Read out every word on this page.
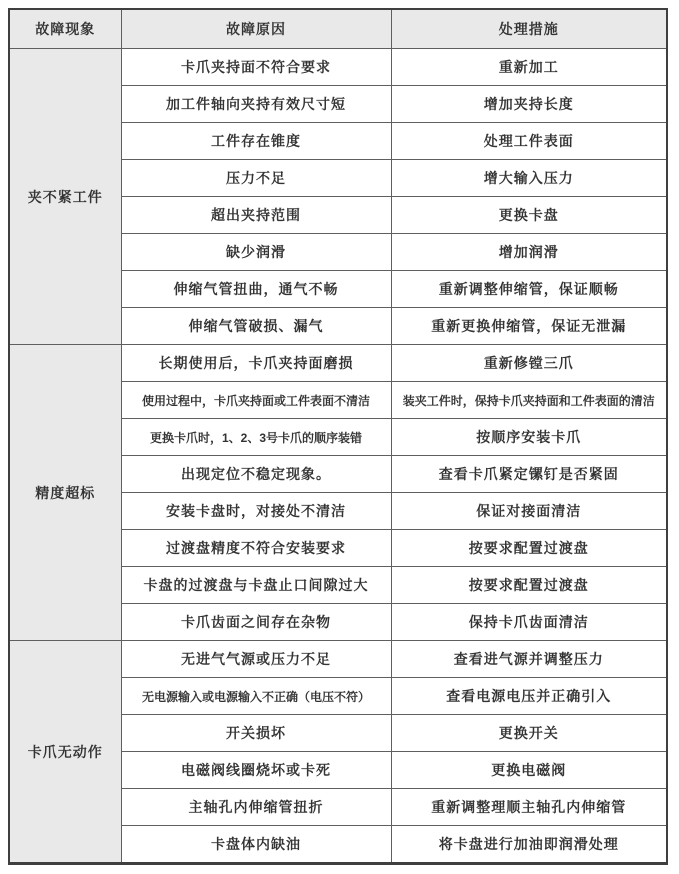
故障现象	故障原因	处理措施
夹不紧工件	卡爪夹持面不符合要求	重新加工
	加工件轴向夹持有效尺寸短	增加夹持长度
	工件存在锥度	处理工件表面
	压力不足	增大输入压力
	超出夹持范围	更换卡盘
	缺少润滑	增加润滑
	伸缩气管扭曲，通气不畅	重新调整伸缩管，保证顺畅
	伸缩气管破损、漏气	重新更换伸缩管，保证无泄漏
精度超标	长期使用后，卡爪夹持面磨损	重新修镗三爪
	使用过程中，卡爪夹持面或工件表面不清洁	装夹工件时，保持卡爪夹持面和工件表面的清洁
	更换卡爪时，1、2、3号卡爪的顺序装错	按顺序安装卡爪
	出现定位不稳定现象。	查看卡爪紧定镙钉是否紧固
	安装卡盘时，对接处不清洁	保证对接面清洁
	过渡盘精度不符合安装要求	按要求配置过渡盘
	卡盘的过渡盘与卡盘止口间隙过大	按要求配置过渡盘
	卡爪齿面之间存在杂物	保持卡爪齿面清洁
卡爪无动作	无进气气源或压力不足	查看进气源并调整压力
	无电源输入或电源输入不正确（电压不符）	查看电源电压并正确引入
	开关损坏	更换开关
	电磁阀线圈烧坏或卡死	更换电磁阀
	主轴孔内伸缩管扭折	重新调整理顺主轴孔内伸缩管
	卡盘体内缺油	将卡盘进行加油即润滑处理
